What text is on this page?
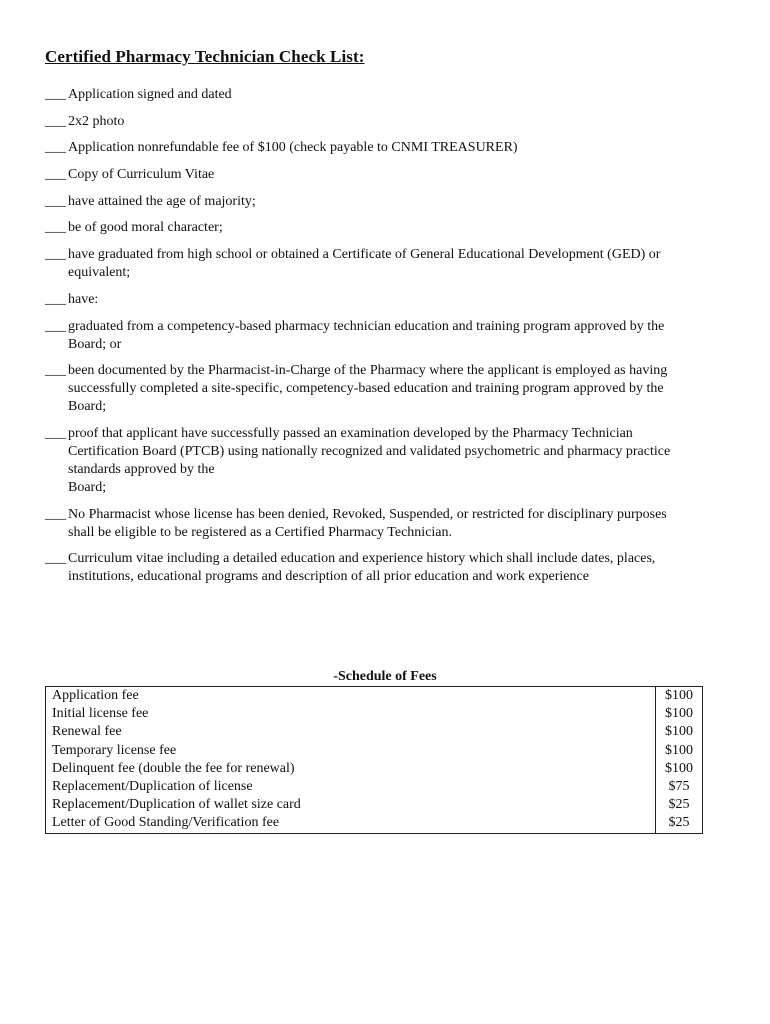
Certified Pharmacy Technician Check List:
___ Application signed and dated
___ 2x2 photo
___ Application nonrefundable fee of $100 (check payable to CNMI TREASURER)
___ Copy of Curriculum Vitae
___ have attained the age of majority;
___ be of good moral character;
___ have graduated from high school or obtained a Certificate of General Educational Development (GED) or
equivalent;
___ have:
___ graduated from a competency-based pharmacy technician education and training program approved by the
Board; or
___ been documented by the Pharmacist-in-Charge of the Pharmacy where the applicant is employed as having
successfully completed a site-specific, competency-based education and training program approved by the
Board;
___ proof that applicant have successfully passed an examination developed by the Pharmacy Technician
Certification Board (PTCB) using nationally recognized and validated psychometric and pharmacy practice
standards approved by the
Board;
___ No Pharmacist whose license has been denied, Revoked, Suspended, or restricted for disciplinary purposes
shall be eligible to be registered as a Certified Pharmacy Technician.
___ Curriculum vitae including a detailed education and experience history which shall include dates, places,
institutions, educational programs and description of all prior education and work experience
-Schedule of Fees
Application fee	$100
Initial license fee	$100
Renewal fee	$100
Temporary license fee	$100
Delinquent fee (double the fee for renewal)	$100
Replacement/Duplication of license	$75
Replacement/Duplication of wallet size card	$25
Letter of Good Standing/Verification fee	$25
